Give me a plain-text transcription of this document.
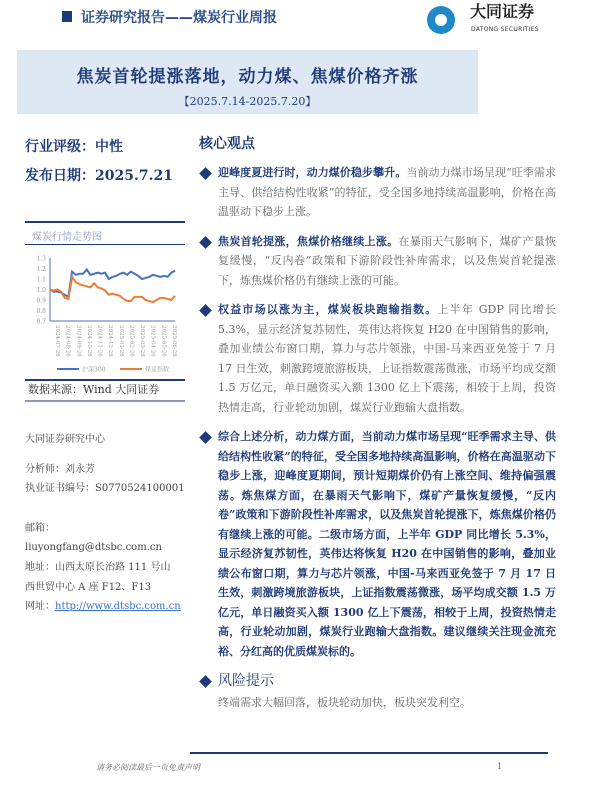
证券研究报告——煤炭行业周报	大同证券
DATONG SECURITIES
焦炭首轮提涨落地，动力煤、焦煤价格齐涨
【2025.7.14-2025.7.20】
行业评级：中性
发布日期：2025.7.21
煤炭行情走势图
1.3
1.2
1.1
1.0
0.9
0.8
0.7
2024-07-26 2024-08-26 2024-09-26 2024-10-26 2024-11-26 2024-12-26 2025-01-26 2025-02-26 2025-03-26 2025-04-26 2025-05-26 2025-06-26
沪深300	煤炭指数
数据来源：Wind 大同证券
大同证券研究中心
分析师：刘永芳
执业证书编号：S0770524100001
邮箱：
liuyongfang@dtsbc.com.cn
地址：山西太原长治路 111 号山
西世贸中心 A 座 F12、F13
网址：http://www.dtsbc.com.cn
核心观点
迎峰度夏进行时，动力煤价稳步攀升。当前动力煤市场呈现“旺季需求主导、供给结构性收紧”的特征，受全国多地持续高温影响，价格在高温驱动下稳步上涨。
焦炭首轮提涨，焦煤价格继续上涨。在暴雨天气影响下，煤矿产量恢复缓慢，“反内卷”政策和下游阶段性补库需求，以及焦炭首轮提涨下，炼焦煤价格仍有继续上涨的可能。
权益市场以涨为主，煤炭板块跑输指数。上半年 GDP 同比增长 5.3%，显示经济复苏韧性，英伟达将恢复 H20 在中国销售的影响，叠加业绩公布窗口期，算力与芯片领涨，中国-马来西亚免签于 7 月 17 日生效，刺激跨境旅游板块，上证指数震荡微涨，市场平均成交额 1.5 万亿元，单日融资买入额 1300 亿上下震荡，相较于上周，投资热情走高，行业轮动加剧，煤炭行业跑输大盘指数。
综合上述分析，动力煤方面，当前动力煤市场呈现“旺季需求主导、供给结构性收紧”的特征，受全国多地持续高温影响，价格在高温驱动下稳步上涨，迎峰度夏期间，预计短期煤价仍有上涨空间、维持偏强震荡。炼焦煤方面，在暴雨天气影响下，煤矿产量恢复缓慢，“反内卷”政策和下游阶段性补库需求，以及焦炭首轮提涨下，炼焦煤价格仍有继续上涨的可能。二级市场方面，上半年 GDP 同比增长 5.3%，显示经济复苏韧性，英伟达将恢复 H20 在中国销售的影响，叠加业绩公布窗口期，算力与芯片领涨，中国-马来西亚免签于 7 月 17 日生效，刺激跨境旅游板块，上证指数震荡微涨，场平均成交额 1.5 万亿元，单日融资买入额 1300 亿上下震荡，相较于上周，投资热情走高，行业轮动加剧，煤炭行业跑输大盘指数。建议继续关注现金流充裕、分红高的优质煤炭标的。
风险提示
终端需求大幅回落，板块轮动加快，板块突发利空。
请务必阅读最后一页免责声明	1
